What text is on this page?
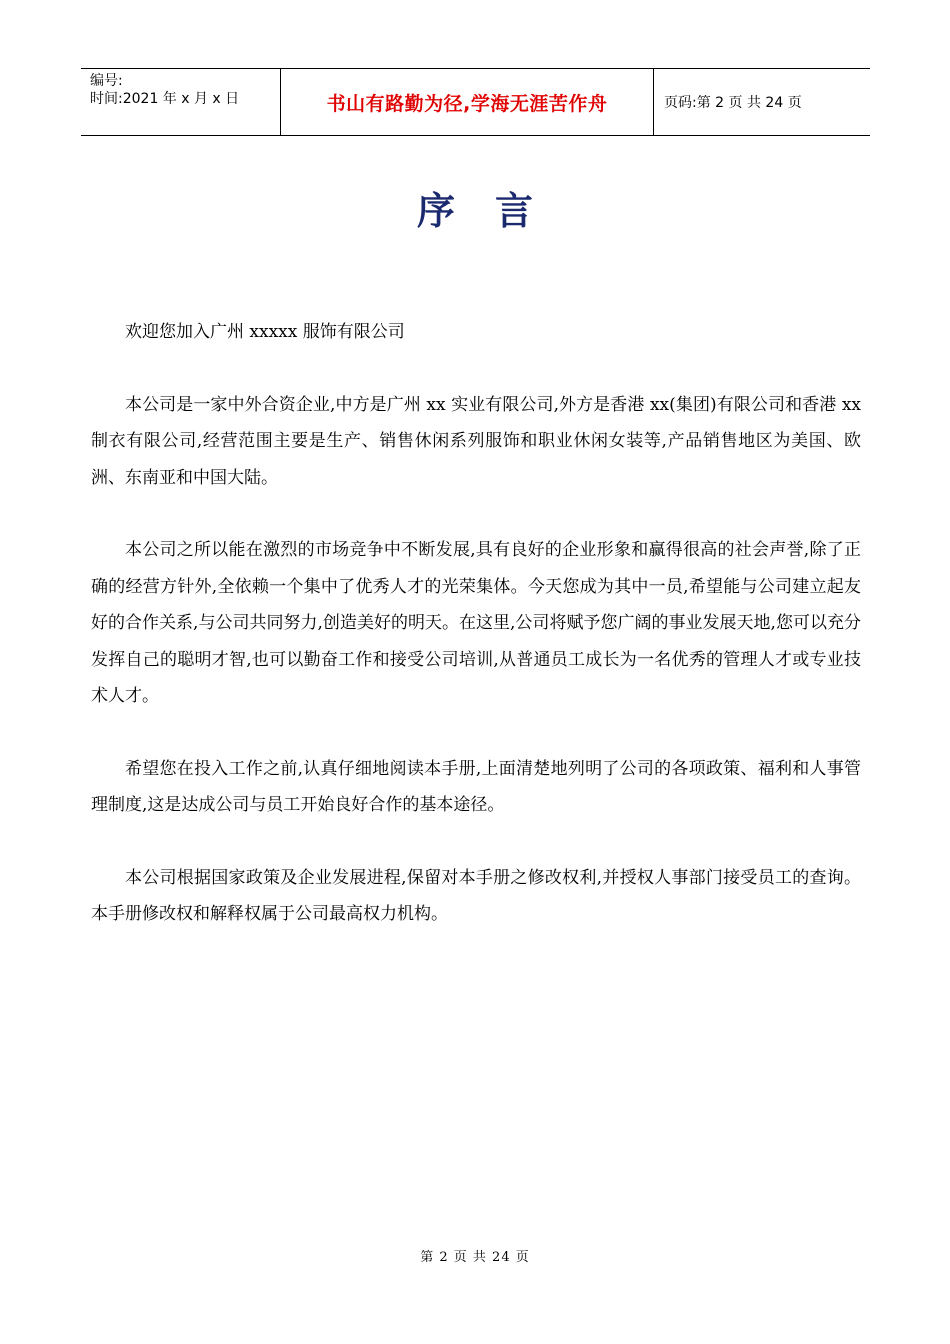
编号:
时间:2021 年 x 月 x 日	书山有路勤为径,学海无涯苦作舟	页码:第 2 页 共 24 页
序言

欢迎您加入广州 xxxxx 服饰有限公司

本公司是一家中外合资企业,中方是广州 xx 实业有限公司,外方是香港 xx(集团)有限公司和香港 xx 制衣有限公司,经营范围主要是生产、销售休闲系列服饰和职业休闲女装等,产品销售地区为美国、欧洲、东南亚和中国大陆。

本公司之所以能在激烈的市场竞争中不断发展,具有良好的企业形象和赢得很高的社会声誉,除了正确的经营方针外,全依赖一个集中了优秀人才的光荣集体。今天您成为其中一员,希望能与公司建立起友好的合作关系,与公司共同努力,创造美好的明天。在这里,公司将赋予您广阔的事业发展天地,您可以充分发挥自己的聪明才智,也可以勤奋工作和接受公司培训,从普通员工成长为一名优秀的管理人才或专业技术人才。

希望您在投入工作之前,认真仔细地阅读本手册,上面清楚地列明了公司的各项政策、福利和人事管理制度,这是达成公司与员工开始良好合作的基本途径。

本公司根据国家政策及企业发展进程,保留对本手册之修改权利,并授权人事部门接受员工的查询。本手册修改权和解释权属于公司最高权力机构。

第 2 页 共 24 页
